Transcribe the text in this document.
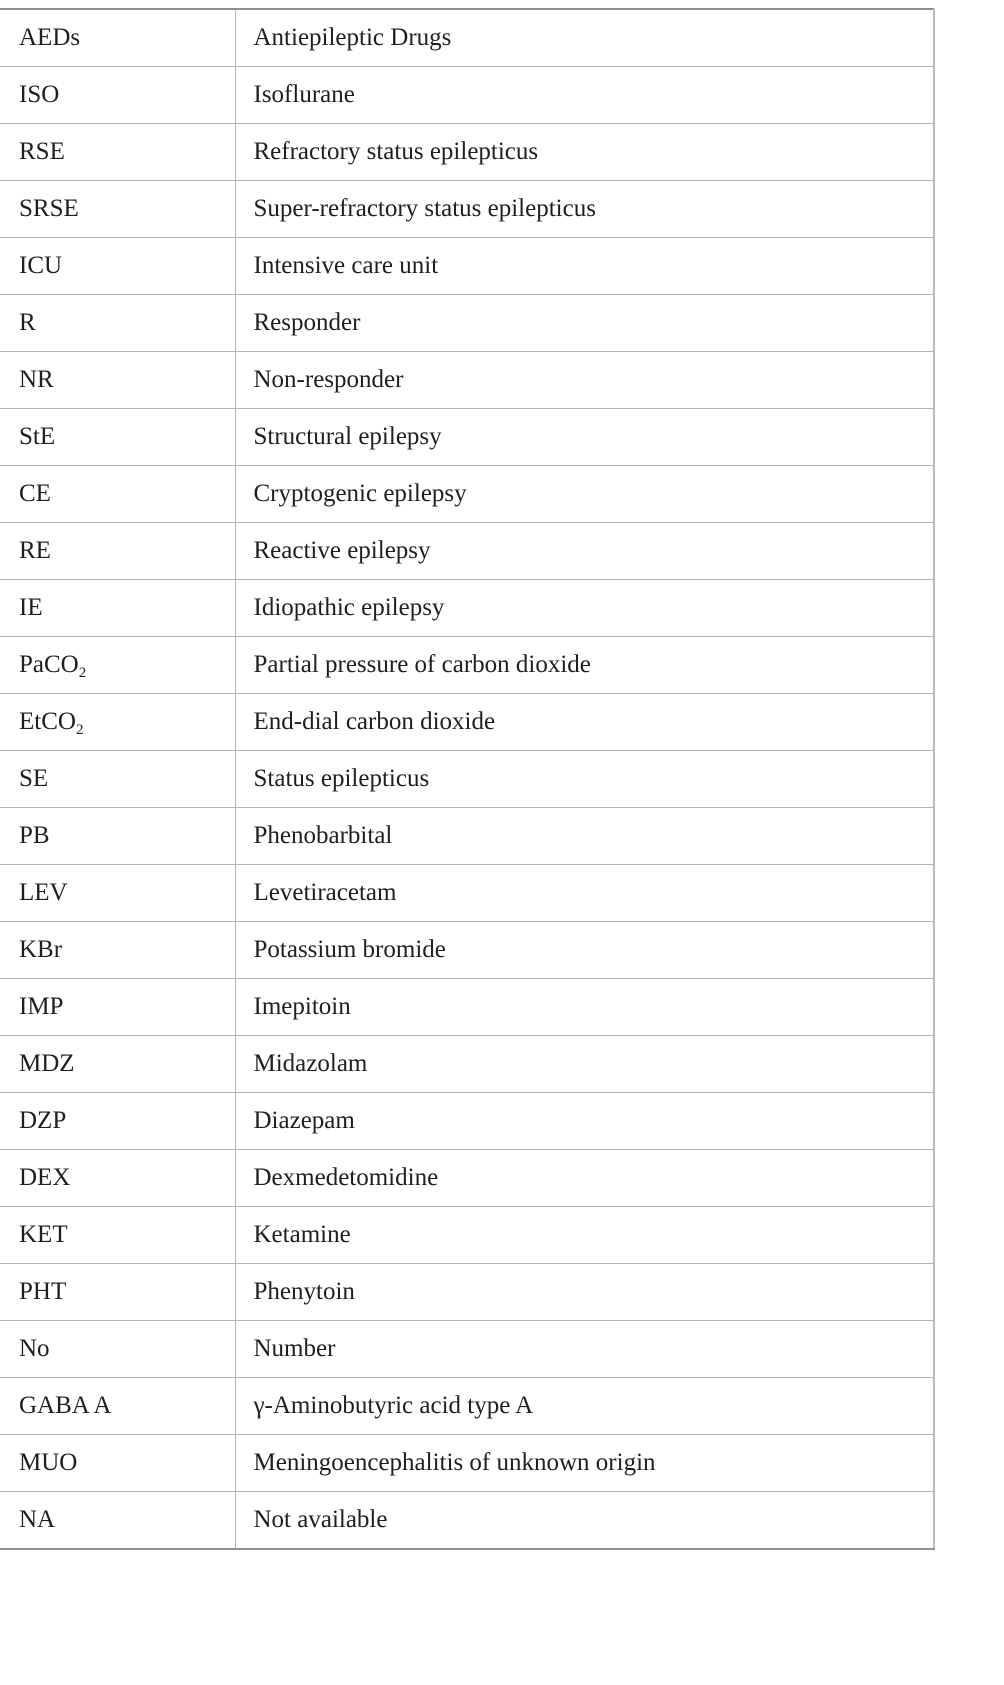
AEDs	Antiepileptic Drugs
ISO	Isoflurane
RSE	Refractory status epilepticus
SRSE	Super-refractory status epilepticus
ICU	Intensive care unit
R	Responder
NR	Non-responder
StE	Structural epilepsy
CE	Cryptogenic epilepsy
RE	Reactive epilepsy
IE	Idiopathic epilepsy
PaCO$_2$	Partial pressure of carbon dioxide
EtCO$_2$	End-dial carbon dioxide
SE	Status epilepticus
PB	Phenobarbital
LEV	Levetiracetam
KBr	Potassium bromide
IMP	Imepitoin
MDZ	Midazolam
DZP	Diazepam
DEX	Dexmedetomidine
KET	Ketamine
PHT	Phenytoin
No	Number
GABA A	γ-Aminobutyric acid type A
MUO	Meningoencephalitis of unknown origin
NA	Not available
